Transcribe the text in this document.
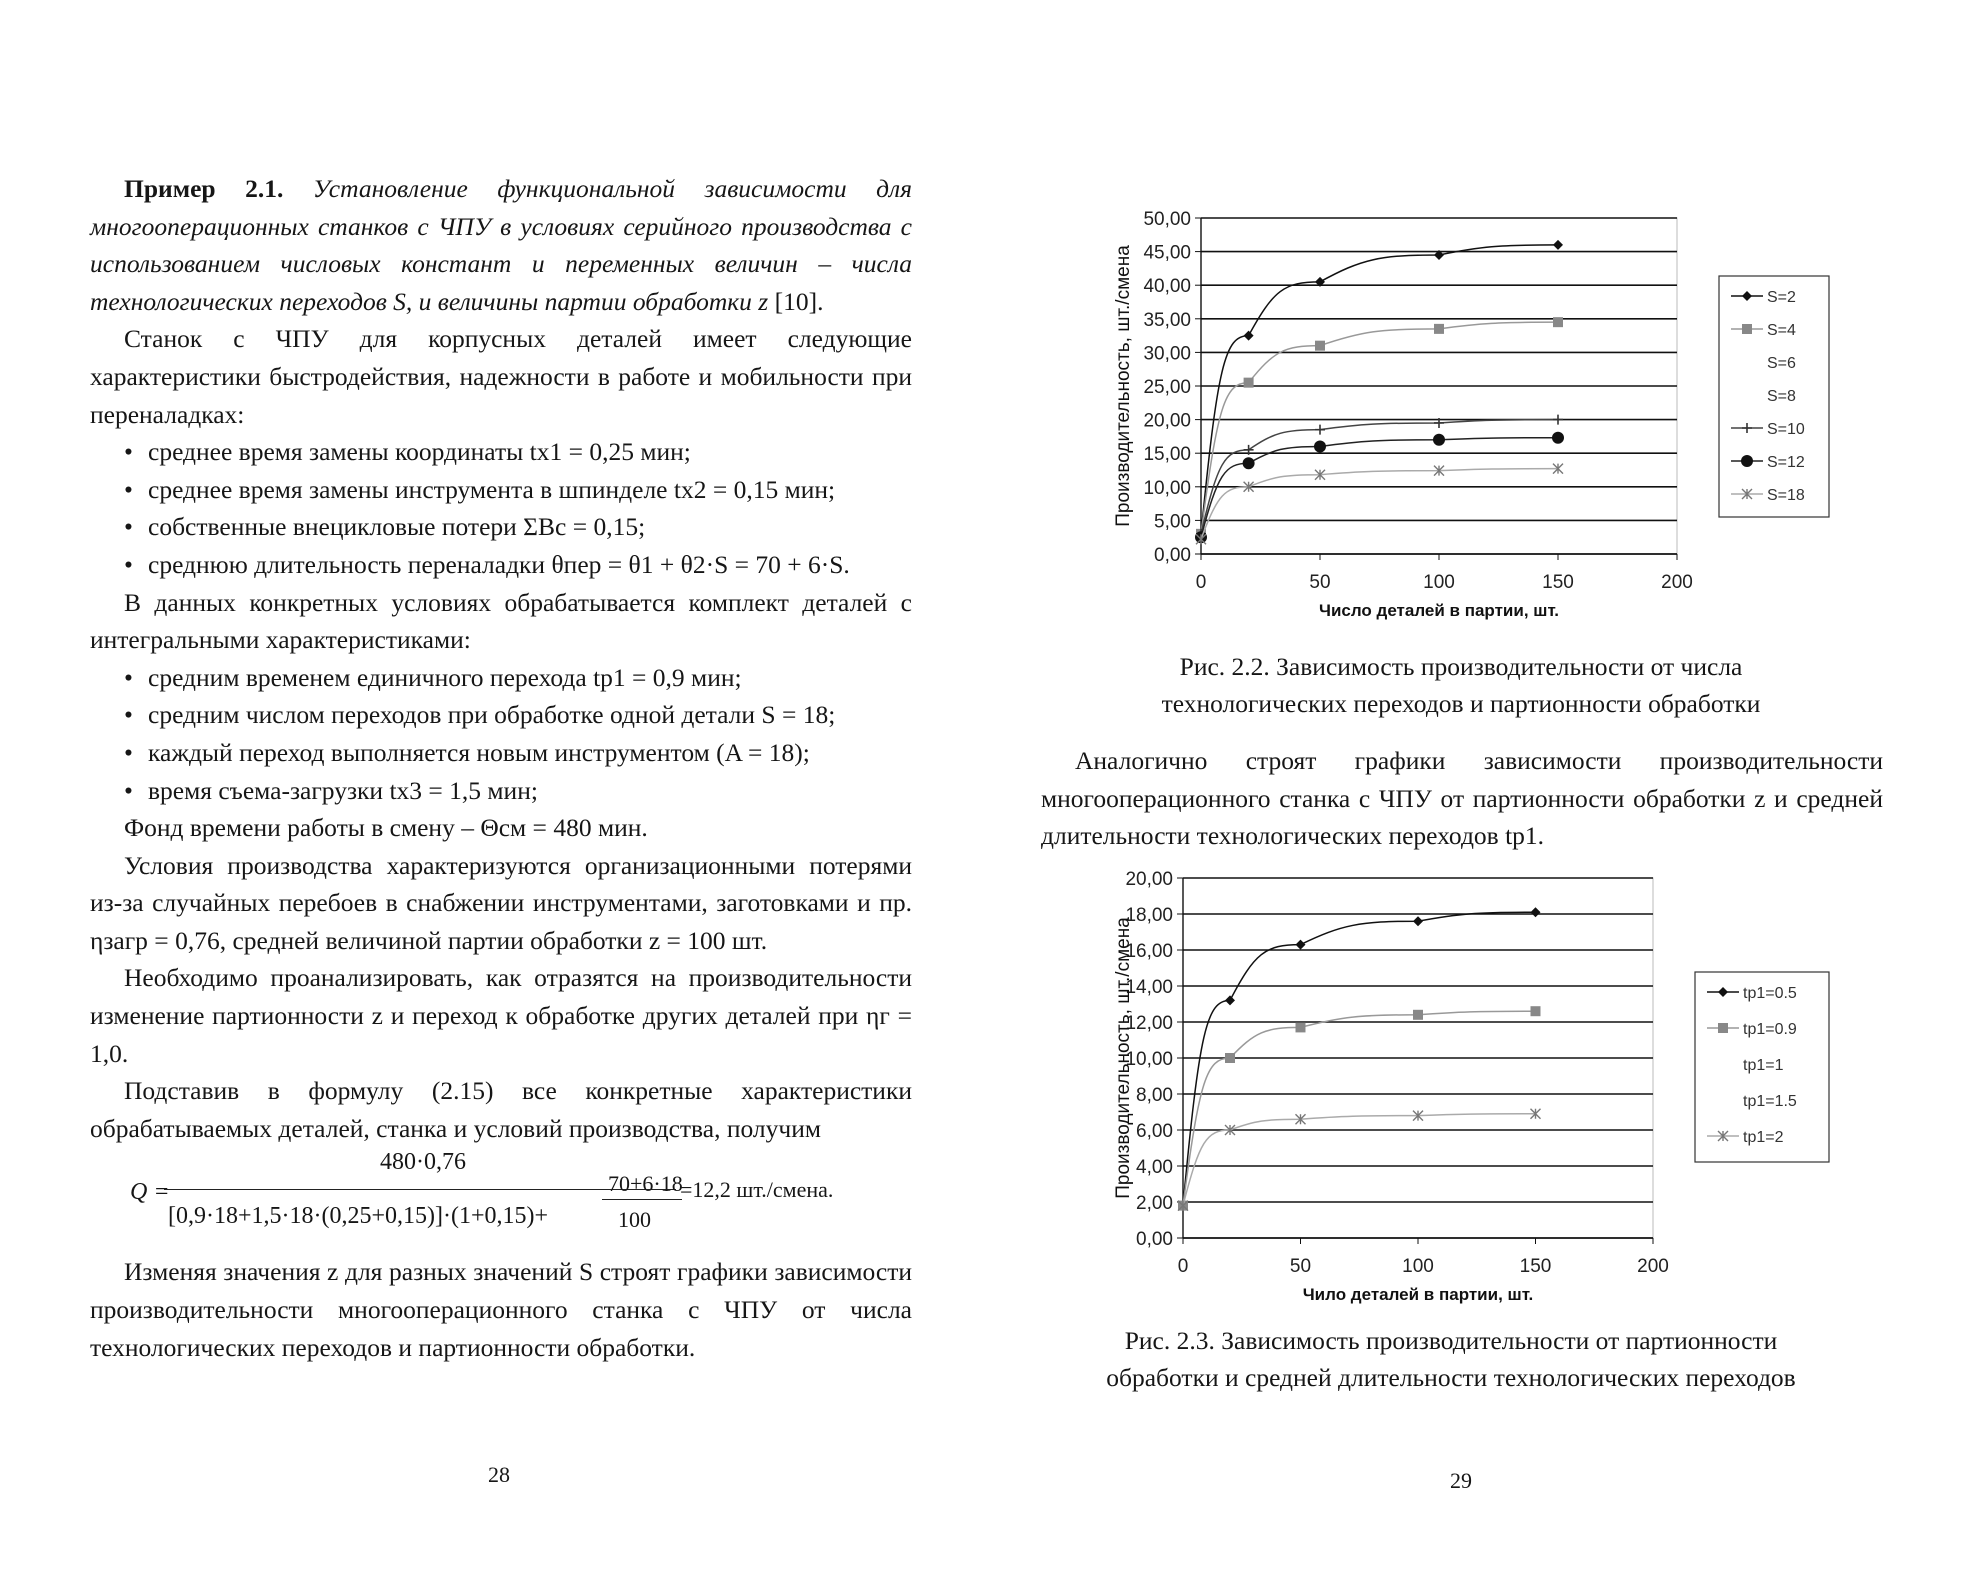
Пример 2.1. Установление функциональной зависимости для многооперационных станков с ЧПУ в условиях серийного производства с использованием числовых констант и переменных величин – числа технологических переходов S, и величины партии обработки z [10].

Станок с ЧПУ для корпусных деталей имеет следующие характеристики быстродействия, надежности в работе и мобильности при переналадках:

• среднее время замены координаты tx1 = 0,25 мин;
• среднее время замены инструмента в шпинделе tx2 = 0,15 мин;
• собственные внецикловые потери ΣBc = 0,15;
• среднюю длительность переналадки θпер = θ1 + θ2·S = 70 + 6·S.

В данных конкретных условиях обрабатывается комплект деталей с интегральными характеристиками:

• средним временем единичного перехода tp1 = 0,9 мин;
• средним числом переходов при обработке одной детали S = 18;
• каждый переход выполняется новым инструментом (A = 18);
• время съема-загрузки tx3 = 1,5 мин;

Фонд времени работы в смену – Θсм = 480 мин.

Условия производства характеризуются организационными потерями из-за случайных перебоев в снабжении инструментами, заготовками и пр. ηзагр = 0,76, средней величиной партии обработки z = 100 шт.

Необходимо проанализировать, как отразятся на производительности изменение партионности z и переход к обработке других деталей при ηг = 1,0.

Подставив в формулу (2.15) все конкретные характеристики обрабатываемых деталей, станка и условий производства, получим

Q =
480·0,76
[0,9·18+1,5·18·(0,25+0,15)]·(1+0,15)+
70+6·18
100
=12,2 шт./смена.

Изменяя значения z для разных значений S строят графики зависимости производительности многооперационного станка с ЧПУ от числа технологических переходов и партионности обработки.

28
0,00
5,00
10,00
15,00
20,00
25,00
30,00
35,00
40,00
45,00
50,00
0	50	100	150	200
Число деталей в партии, шт.
Производительность, шт./смена	S=2
S=4
S=6
S=8
S=10
S=12
S=18
Рис. 2.2. Зависимость производительности от числа технологических переходов и партионности обработки
Аналогично строят графики зависимости производительности многооперационного станка с ЧПУ от партионности обработки z и средней длительности технологических переходов tp1.
0,00
2,00
4,00
6,00
8,00
10,00
12,00
14,00
16,00
18,00
20,00
0	50	100	150	200
Чило деталей в партии, шт.
Производительность, шт./смена	tp1=0.5
tp1=0.9
tp1=1
tp1=1.5
tp1=2
Рис. 2.3. Зависимость производительности от партионности обработки и средней длительности технологических переходов
29
